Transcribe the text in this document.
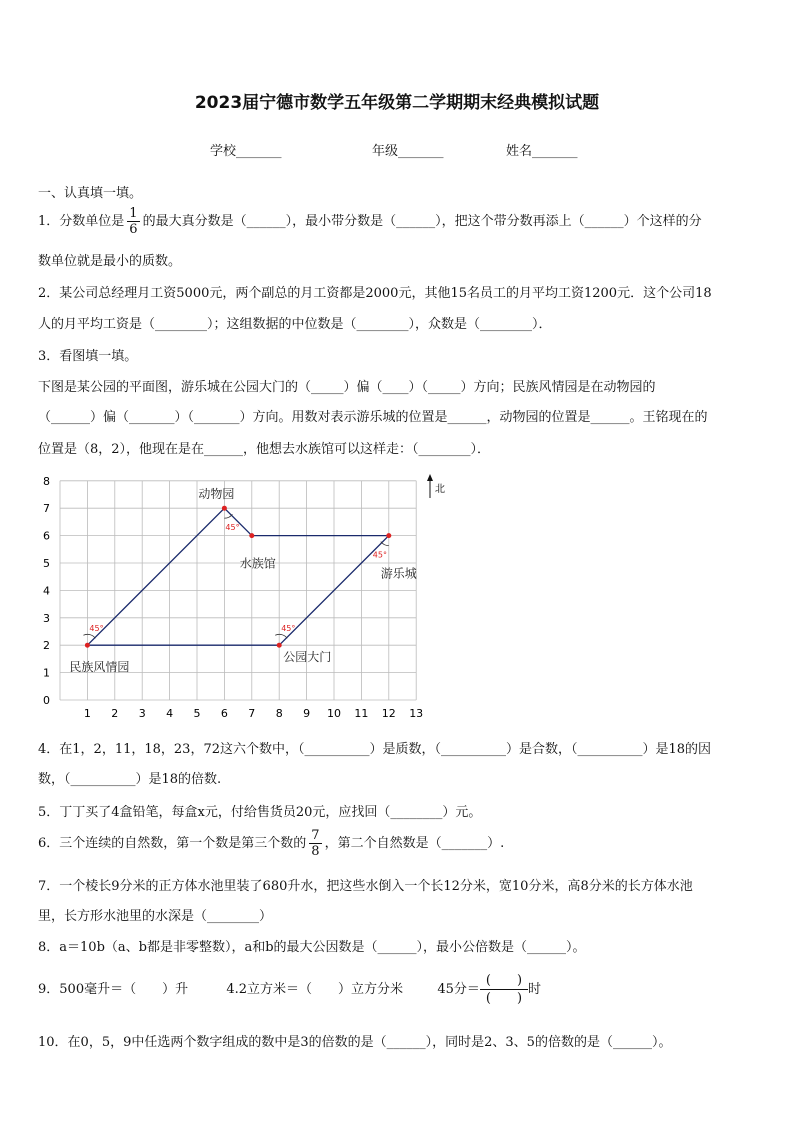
2023届宁德市数学五年级第二学期期末经典模拟试题
学校_______	年级_______	姓名_______
一、认真填一填。
1．分数单位是 $\frac{1}{6}$ 的最大真分数是（______），最小带分数是（______），把这个带分数再添上（______）个这样的分
数单位就是最小的质数。
2．某公司总经理月工资5000元，两个副总的月工资都是2000元，其他15名员工的月平均工资1200元．这个公司18
人的月平均工资是（________）；这组数据的中位数是（________），众数是（________）．
3．看图填一填。
下图是某公园的平面图，游乐城在公园大门的（_____）偏（____）（_____）方向；民族风情园是在动物园的
（______）偏（_______）（_______）方向。用数对表示游乐城的位置是______，动物园的位置是______。王铭现在的
位置是（8，2），他现在是在______，他想去水族馆可以这样走：（________）．
1 2 3 4 5 6 7 8 9 10 11 12 13
0
1
2
3
4
5
6
7
8
民族风情园
动物园
水族馆
游乐城
公园大门
45°	45°
45°
45°
北
4．在1，2，11，18，23，72这六个数中，（__________）是质数，（__________）是合数，（__________）是18的因
数，（__________）是18的倍数.
5．丁丁买了4盒铅笔，每盒x元，付给售货员20元，应找回（________）元。
6．三个连续的自然数，第一个数是第三个数的 $\frac{7}{8}$ ，第二个自然数是（_______）.
7．一个棱长9分米的正方体水池里装了680升水，把这些水倒入一个长12分米，宽10分米，高8分米的长方体水池
里，长方形水池里的水深是（________）
8．a＝10b（a、b都是非零整数），a和b的最大公因数是（______），最小公倍数是（______）。
9．500毫升＝（　　）升	4.2立方米＝（　　）立方分米	45分＝ $\frac{( )}{( )}$ 时
10．在0，5，9中任选两个数字组成的数中是3的倍数的是（______），同时是2、3、5的倍数的是（______）。
